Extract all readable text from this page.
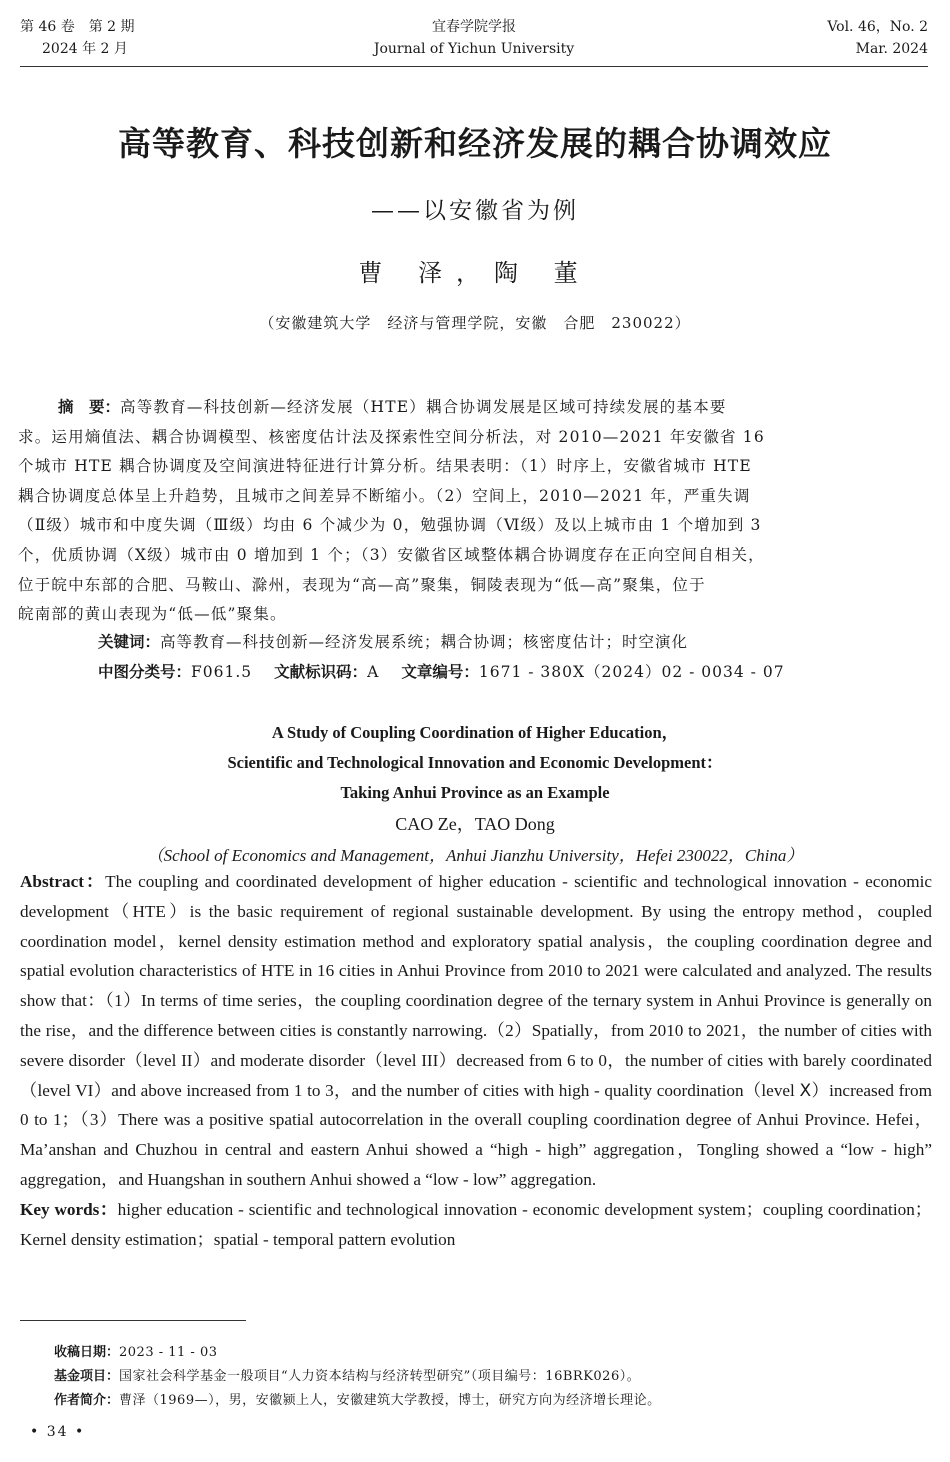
第 46 卷　第 2 期
2024 年 2 月
宜春学院学报
Journal of Yichun University
Vol. 46，No. 2
Mar. 2024
高等教育、科技创新和经济发展的耦合协调效应
——以安徽省为例
曹 泽，陶 董
（安徽建筑大学　经济与管理学院，安徽　合肥　230022）
摘　要：高等教育—科技创新—经济发展（HTE）耦合协调发展是区域可持续发展的基本要
求。运用熵值法、耦合协调模型、核密度估计法及探索性空间分析法，对 2010—2021 年安徽省 16
个城市 HTE 耦合协调度及空间演进特征进行计算分析。结果表明：（1）时序上，安徽省城市 HTE
耦合协调度总体呈上升趋势，且城市之间差异不断缩小。（2）空间上，2010—2021 年，严重失调
（Ⅱ级）城市和中度失调（Ⅲ级）均由 6 个减少为 0，勉强协调（Ⅵ级）及以上城市由 1 个增加到 3
个，优质协调（Ⅹ级）城市由 0 增加到 1 个；（3）安徽省区域整体耦合协调度存在正向空间自相关，
位于皖中东部的合肥、马鞍山、滁州，表现为“高—高”聚集，铜陵表现为“低—高”聚集，位于
皖南部的黄山表现为“低—低”聚集。
关键词：高等教育—科技创新—经济发展系统；耦合协调；核密度估计；时空演化
中图分类号：F061.5 文献标识码：A 文章编号：1671 - 380X（2024）02 - 0034 - 07
A Study of Coupling Coordination of Higher Education，
Scientific and Technological Innovation and Economic Development：
Taking Anhui Province as an Example
CAO Ze，TAO Dong
（School of Economics and Management，Anhui Jianzhu University，Hefei 230022，China）
Abstract：The coupling and coordinated development of higher education - scientific and technological innovation - economic development（HTE）is the basic requirement of regional sustainable development. By using the entropy method，coupled coordination model，kernel density estimation method and exploratory spatial analysis，the coupling coordination degree and spatial evolution characteristics of HTE in 16 cities in Anhui Province from 2010 to 2021 were calculated and analyzed. The results show that：（1）In terms of time series，the coupling coordination degree of the ternary system in Anhui Province is generally on the rise，and the difference between cities is constantly narrowing.（2）Spatially，from 2010 to 2021，the number of cities with severe disorder（level II）and moderate disorder（level III）decreased from 6 to 0，the number of cities with barely coordinated（level VI）and above increased from 1 to 3，and the number of cities with high - quality coordination（level Ⅹ）increased from 0 to 1；（3）There was a positive spatial autocorrelation in the overall coupling coordination degree of Anhui Province. Hefei，Ma’anshan and Chuzhou in central and eastern Anhui showed a “high - high” aggregation，Tongling showed a “low - high” aggregation，and Huangshan in southern Anhui showed a “low - low” aggregation.
Key words：higher education - scientific and technological innovation - economic development system；coupling coordination；Kernel density estimation；spatial - temporal pattern evolution
收稿日期：2023 - 11 - 03
基金项目：国家社会科学基金一般项目“人力资本结构与经济转型研究”（项目编号：16BRK026）。
作者简介：曹泽（1969—），男，安徽颍上人，安徽建筑大学教授，博士，研究方向为经济增长理论。
• 34 •
